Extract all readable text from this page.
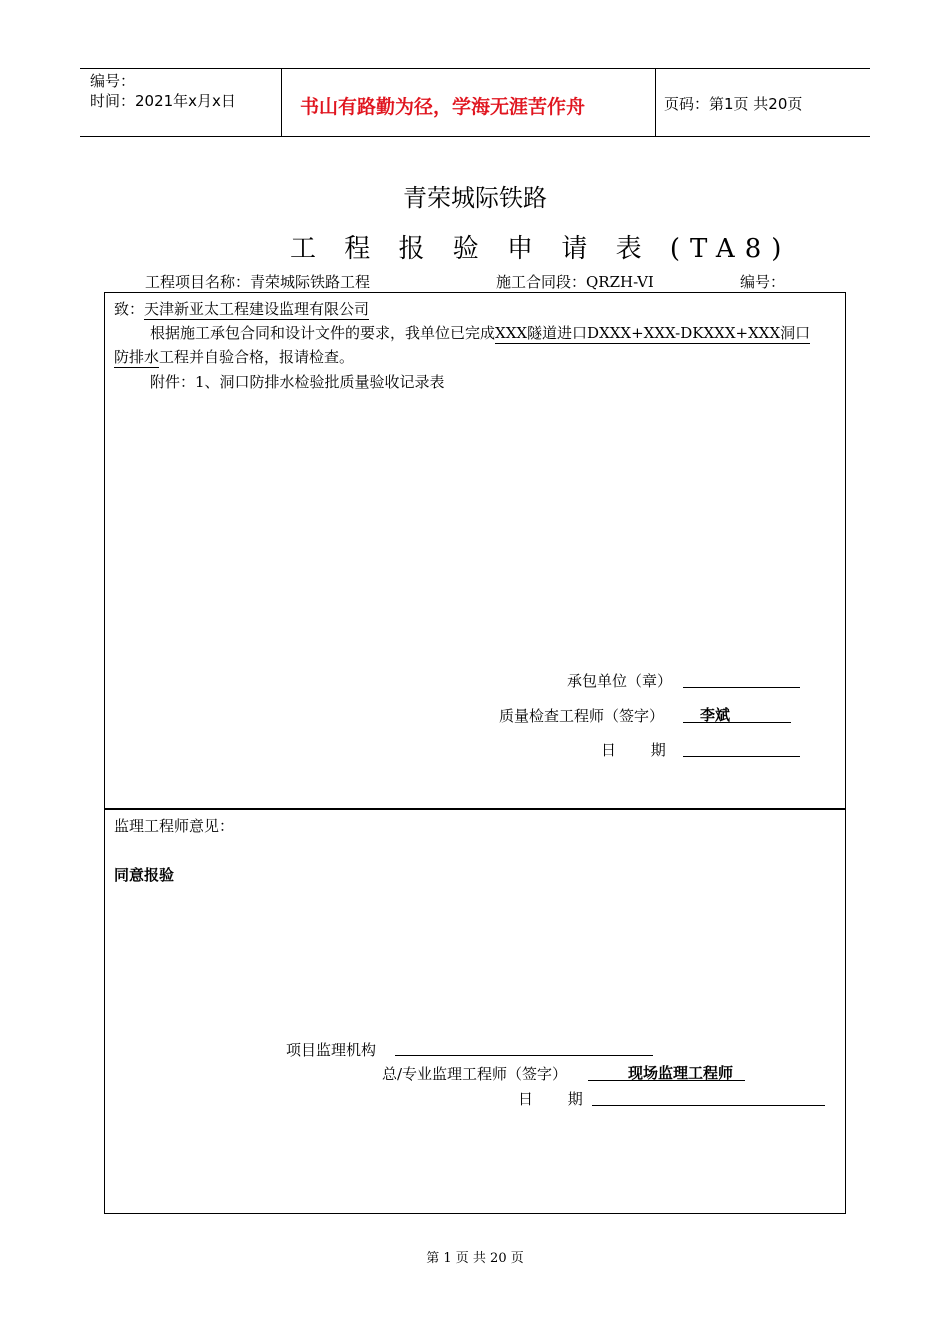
编号：
时间：2021年x月x日	书山有路勤为径，学海无涯苦作舟	页码：第1页 共20页
青荣城际铁路
工 程 报 验 申 请 表 (TA8)
工程项目名称：青荣城际铁路工程	施工合同段：QRZH-VI	编号：
致：天津新亚太工程建设监理有限公司
根据施工承包合同和设计文件的要求，我单位已完成XXX隧道进口DXXX+XXX-DKXXX+XXX洞口
防排水工程并自验合格，报请检查。
附件：1、洞口防排水检验批质量验收记录表
承包单位（章）
质量检查工程师（签字） 李斌
日　　 期
监理工程师意见：
同意报验
项目监理机构
总/专业监理工程师（签字）	现场监理工程师
日　　 期
第 1 页 共 20 页
